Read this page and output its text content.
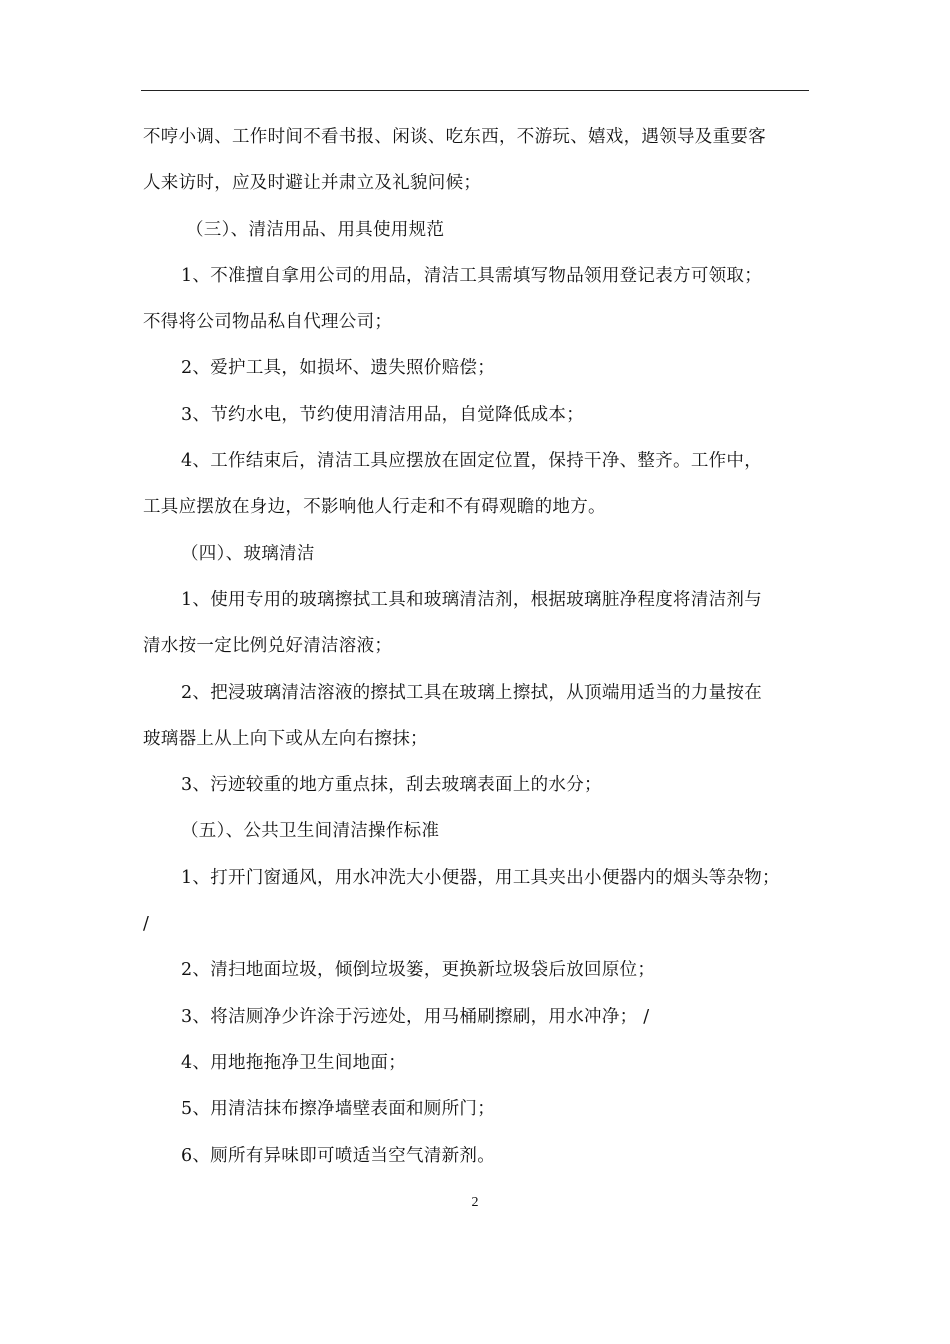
不哼小调、工作时间不看书报、闲谈、吃东西，不游玩、嬉戏，遇领导及重要客
人来访时，应及时避让并肃立及礼貌问候；
（三）、清洁用品、用具使用规范
1、不准擅自拿用公司的用品，清洁工具需填写物品领用登记表方可领取；
不得将公司物品私自代理公司；
2、爱护工具，如损坏、遗失照价赔偿；
3、节约水电，节约使用清洁用品，自觉降低成本；
4、工作结束后，清洁工具应摆放在固定位置，保持干净、整齐。工作中，
工具应摆放在身边，不影响他人行走和不有碍观瞻的地方。
（四）、玻璃清洁
1、使用专用的玻璃擦拭工具和玻璃清洁剂，根据玻璃脏净程度将清洁剂与
清水按一定比例兑好清洁溶液；
2、把浸玻璃清洁溶液的擦拭工具在玻璃上擦拭，从顶端用适当的力量按在
玻璃器上从上向下或从左向右擦抹；
3、污迹较重的地方重点抹，刮去玻璃表面上的水分；
（五）、公共卫生间清洁操作标准
1、打开门窗通风，用水冲洗大小便器，用工具夹出小便器内的烟头等杂物；
/
2、清扫地面垃圾，倾倒垃圾篓，更换新垃圾袋后放回原位；
3、将洁厕净少许涂于污迹处，用马桶刷擦刷，用水冲净； /
4、用地拖拖净卫生间地面；
5、用清洁抹布擦净墙壁表面和厕所门；
6、厕所有异味即可喷适当空气清新剂。
2
